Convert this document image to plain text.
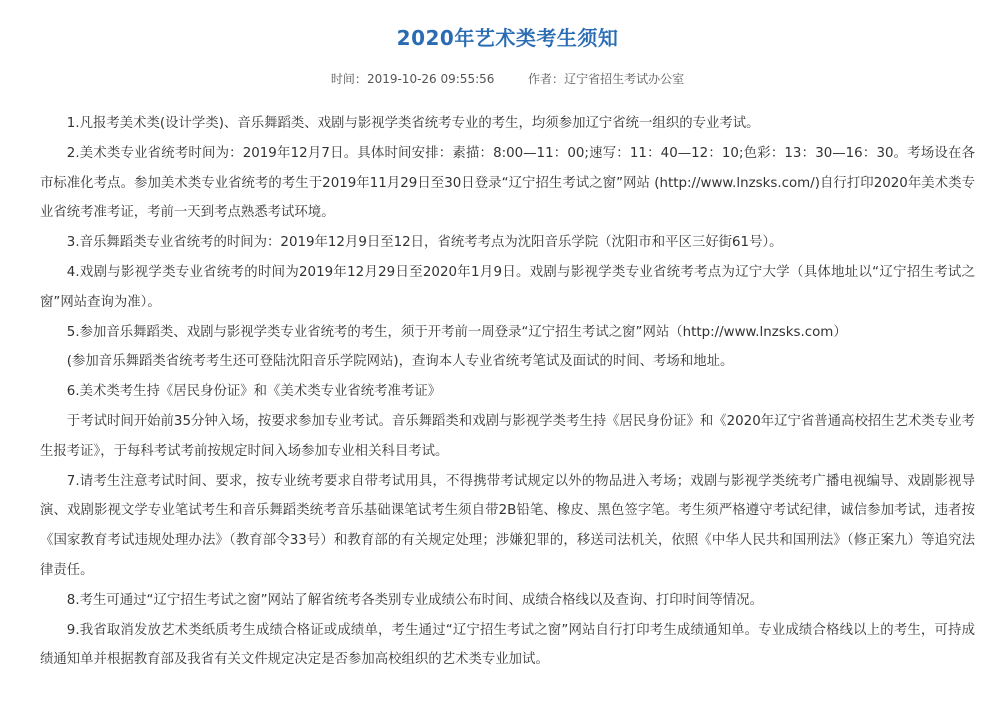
2020年艺术类考生须知
时间：2019-10-26 09:55:56	作者：辽宁省招生考试办公室

1.凡报考美术类(设计学类)、音乐舞蹈类、戏剧与影视学类省统考专业的考生，均须参加辽宁省统一组织的专业考试。

2.美术类专业省统考时间为：2019年12月7日。具体时间安排：素描：8:00—11：00;速写：11：40—12：10;色彩：13：30—16：30。考场设在各市标准化考点。参加美术类专业省统考的考生于2019年11月29日至30日登录“辽宁招生考试之窗”网站 (http://www.lnzsks.com/)自行打印2020年美术类专业省统考准考证，考前一天到考点熟悉考试环境。

3.音乐舞蹈类专业省统考的时间为：2019年12月9日至12日，省统考考点为沈阳音乐学院（沈阳市和平区三好街61号）。

4.戏剧与影视学类专业省统考的时间为2019年12月29日至2020年1月9日。戏剧与影视学类专业省统考考点为辽宁大学（具体地址以“辽宁招生考试之窗”网站查询为准）。

5.参加音乐舞蹈类、戏剧与影视学类专业省统考的考生，须于开考前一周登录“辽宁招生考试之窗”网站（http://www.lnzsks.com）

(参加音乐舞蹈类省统考考生还可登陆沈阳音乐学院网站)，查询本人专业省统考笔试及面试的时间、考场和地址。

6.美术类考生持《居民身份证》和《美术类专业省统考准考证》

于考试时间开始前35分钟入场，按要求参加专业考试。音乐舞蹈类和戏剧与影视学类考生持《居民身份证》和《2020年辽宁省普通高校招生艺术类专业考生报考证》，于每科考试考前按规定时间入场参加专业相关科目考试。

7.请考生注意考试时间、要求，按专业统考要求自带考试用具，不得携带考试规定以外的物品进入考场；戏剧与影视学类统考广播电视编导、戏剧影视导演、戏剧影视文学专业笔试考生和音乐舞蹈类统考音乐基础课笔试考生须自带2B铅笔、橡皮、黑色签字笔。考生须严格遵守考试纪律，诚信参加考试，违者按《国家教育考试违规处理办法》（教育部令33号）和教育部的有关规定处理；涉嫌犯罪的，移送司法机关，依照《中华人民共和国刑法》（修正案九）等追究法律责任。

8.考生可通过“辽宁招生考试之窗”网站了解省统考各类别专业成绩公布时间、成绩合格线以及查询、打印时间等情况。

9.我省取消发放艺术类纸质考生成绩合格证或成绩单，考生通过“辽宁招生考试之窗”网站自行打印考生成绩通知单。专业成绩合格线以上的考生，可持成绩通知单并根据教育部及我省有关文件规定决定是否参加高校组织的艺术类专业加试。
